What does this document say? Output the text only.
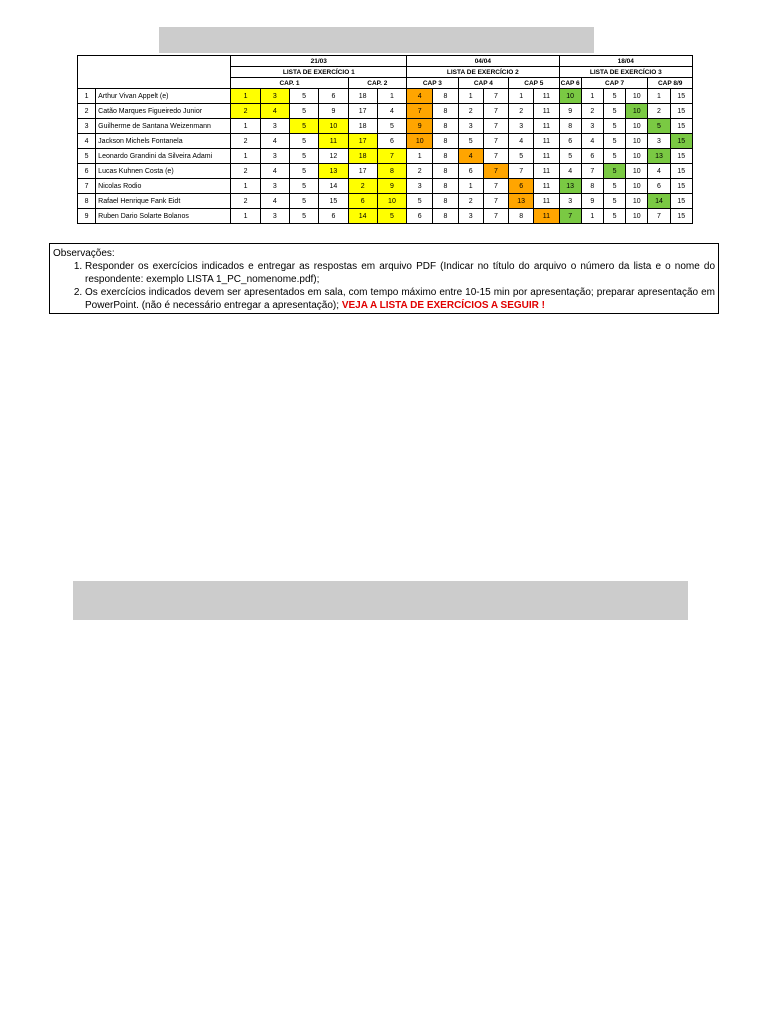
		21/03						04/04						18/04					
		LISTA DE EXERCÍCIO 1						LISTA DE EXERCÍCIO 2						LISTA DE EXERCÍCIO 3					
		CAP. 1				CAP. 2		CAP 3		CAP 4		CAP 5		CAP 6	CAP 7			CAP 8/9	
1	Arthur Vivan Appelt (e)	1	3	5	6	18	1	4	8	1	7	1	11	10	1	5	10	1	15
2	Catão Marques Figueiredo Junior	2	4	5	9	17	4	7	8	2	7	2	11	9	2	5	10	2	15
3	Guilherme de Santana Weizenmann	1	3	5	10	18	5	9	8	3	7	3	11	8	3	5	10	5	15
4	Jackson Michels Fontanela	2	4	5	11	17	6	10	8	5	7	4	11	6	4	5	10	3	15
5	Leonardo Grandini da Silveira Adami	1	3	5	12	18	7	1	8	4	7	5	11	5	6	5	10	13	15
6	Lucas Kuhnen Costa (e)	2	4	5	13	17	8	2	8	6	7	7	11	4	7	5	10	4	15
7	Nicolas Rodio	1	3	5	14	2	9	3	8	1	7	6	11	13	8	5	10	6	15
8	Rafael Henrique Fank Eidt	2	4	5	15	6	10	5	8	2	7	13	11	3	9	5	10	14	15
9	Ruben Dario Solarte Bolanos	1	3	5	6	14	5	6	8	3	7	8	11	7	1	5	10	7	15
Observações:
1. Responder os exercícios indicados e entregar as respostas em arquivo PDF (Indicar no título do arquivo o número da lista e o nome do respondente: exemplo LISTA 1_PC_nomenome.pdf);
2. Os exercícios indicados devem ser apresentados em sala, com tempo máximo entre 10-15 min por apresentação; preparar apresentação em PowerPoint. (não é necessário entregar a apresentação); VEJA A LISTA DE EXERCÍCIOS A SEGUIR !
